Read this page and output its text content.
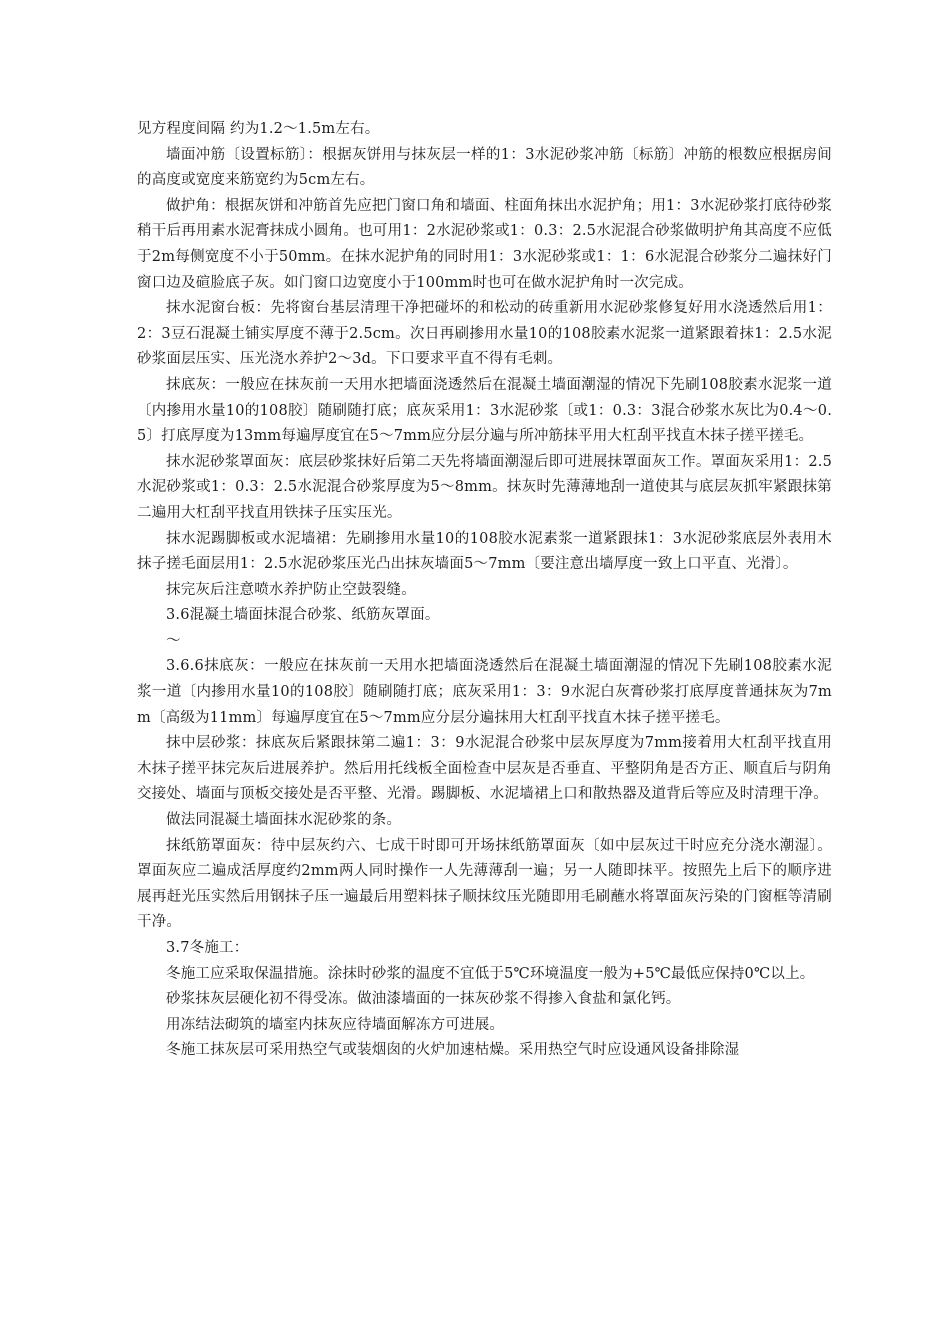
见方程度间隔 约为1.2～1.5m左右。

墙面冲筋〔设置标筋〕：根据灰饼用与抹灰层一样的1：3水泥砂浆冲筋〔标筋〕冲筋的根数应根据房间的高度或宽度来筋宽约为5cm左右。

做护角：根据灰饼和冲筋首先应把门窗口角和墙面、柱面角抹出水泥护角；用1：3水泥砂浆打底待砂浆稍干后再用素水泥膏抹成小圆角。也可用1：2水泥砂浆或1：0.3：2.5水泥混合砂浆做明护角其高度不应低于2m每侧宽度不小于50mm。在抹水泥护角的同时用1：3水泥砂浆或1：1：6水泥混合砂浆分二遍抹好门窗口边及碹脸底子灰。如门窗口边宽度小于100mm时也可在做水泥护角时一次完成。

抹水泥窗台板：先将窗台基层清理干净把碰坏的和松动的砖重新用水泥砂浆修复好用水浇透然后用1：2：3豆石混凝土铺实厚度不薄于2.5cm。次日再刷掺用水量10的108胶素水泥浆一道紧跟着抹1：2.5水泥砂浆面层压实、压光浇水养护2～3d。下口要求平直不得有毛刺。

抹底灰：一般应在抹灰前一天用水把墙面浇透然后在混凝土墙面潮湿的情况下先刷108胶素水泥浆一道〔内掺用水量10的108胶〕随刷随打底；底灰采用1：3水泥砂浆〔或1：0.3：3混合砂浆水灰比为0.4～0.5〕打底厚度为13mm每遍厚度宜在5～7mm应分层分遍与所冲筋抹平用大杠刮平找直木抹子搓平搓毛。

抹水泥砂浆罩面灰：底层砂浆抹好后第二天先将墙面潮湿后即可进展抹罩面灰工作。罩面灰采用1：2.5水泥砂浆或1：0.3：2.5水泥混合砂浆厚度为5～8mm。抹灰时先薄薄地刮一道使其与底层灰抓牢紧跟抹第二遍用大杠刮平找直用铁抹子压实压光。

抹水泥踢脚板或水泥墙裙：先刷掺用水量10的108胶水泥素浆一道紧跟抹1：3水泥砂浆底层外表用木抹子搓毛面层用1：2.5水泥砂浆压光凸出抹灰墙面5～7mm〔要注意出墙厚度一致上口平直、光滑〕。

抹完灰后注意喷水养护防止空鼓裂缝。

3.6混凝土墙面抹混合砂浆、纸筋灰罩面。

～

3.6.6抹底灰：一般应在抹灰前一天用水把墙面浇透然后在混凝土墙面潮湿的情况下先刷108胶素水泥浆一道〔内掺用水量10的108胶〕随刷随打底；底灰采用1：3：9水泥白灰膏砂浆打底厚度普通抹灰为7mm〔高级为11mm〕每遍厚度宜在5～7mm应分层分遍抹用大杠刮平找直木抹子搓平搓毛。

抹中层砂浆：抹底灰后紧跟抹第二遍1：3：9水泥混合砂浆中层灰厚度为7mm接着用大杠刮平找直用木抹子搓平抹完灰后进展养护。然后用托线板全面检查中层灰是否垂直、平整阴角是否方正、顺直后与阴角交接处、墙面与顶板交接处是否平整、光滑。踢脚板、水泥墙裙上口和散热器及道背后等应及时清理干净。

做法同混凝土墙面抹水泥砂浆的条。

抹纸筋罩面灰：待中层灰约六、七成干时即可开场抹纸筋罩面灰〔如中层灰过干时应充分浇水潮湿〕。罩面灰应二遍成活厚度约2mm两人同时操作一人先薄薄刮一遍；另一人随即抹平。按照先上后下的顺序进展再赶光压实然后用钢抹子压一遍最后用塑料抹子顺抹纹压光随即用毛刷蘸水将罩面灰污染的门窗框等清刷干净。

3.7冬施工：

冬施工应采取保温措施。涂抹时砂浆的温度不宜低于5℃环境温度一般为+5℃最低应保持0℃以上。

砂浆抹灰层硬化初不得受冻。做油漆墙面的一抹灰砂浆不得掺入食盐和氯化钙。

用冻结法砌筑的墙室内抹灰应待墙面解冻方可进展。

冬施工抹灰层可采用热空气或装烟囱的火炉加速枯燥。采用热空气时应设通风设备排除湿
